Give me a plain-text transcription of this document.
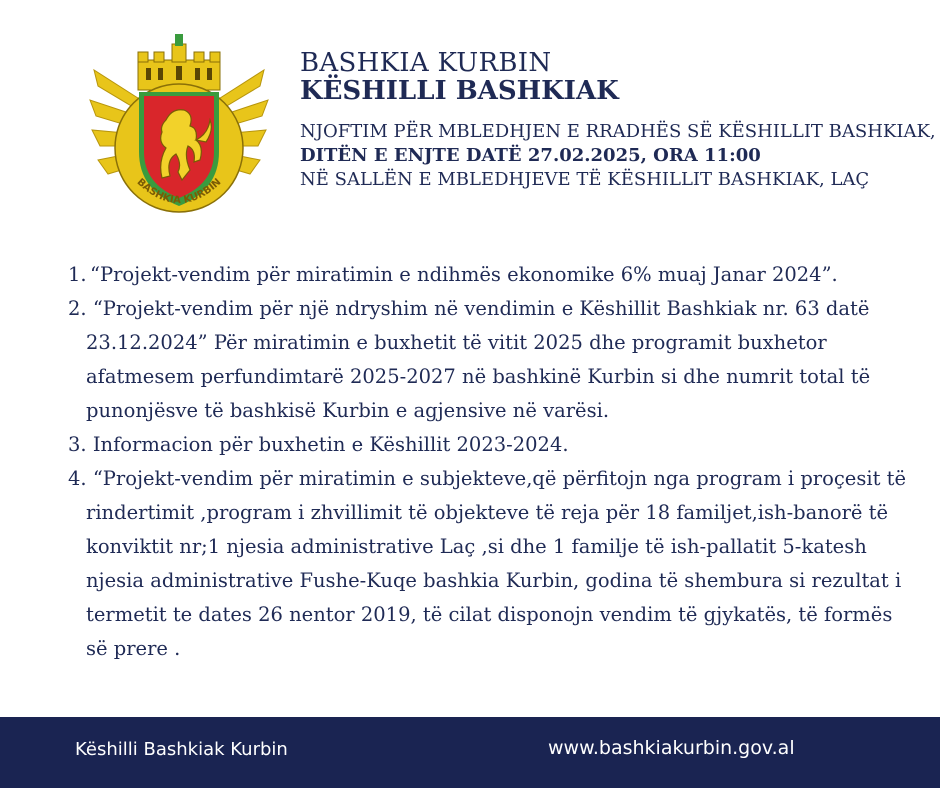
BASHKIA KURBIN
BASHKIA KURBIN
KËSHILLI BASHKIAK
NJOFTIM PËR MBLEDHJEN E RRADHËS SË KËSHILLIT BASHKIAK,
DITËN E ENJTE DATË 27.02.2025, ORA 11:00
NË SALLËN E MBLEDHJEVE TË KËSHILLIT BASHKIAK, LAÇ
1. “Projekt-vendim për miratimin e ndihmës ekonomike 6% muaj Janar 2024”.
2. “Projekt-vendim për një ndryshim në vendimin e Këshillit Bashkiak nr. 63 datë 23.12.2024” Për miratimin e buxhetit të vitit 2025 dhe programit buxhetor afatmesem perfundimtarë 2025-2027 në bashkinë Kurbin si dhe numrit total të punonjësve të bashkisë Kurbin e agjensive në varësi.
3. Informacion për buxhetin e Këshillit 2023-2024.
4. “Projekt-vendim për miratimin e subjekteve,që përfitojn nga program i proçesit të rindertimit ,program i zhvillimit të objekteve të reja për 18 familjet,ish-banorë të konviktit nr;1 njesia administrative Laç ,si dhe 1 familje të ish-pallatit 5-katesh njesia administrative Fushe-Kuqe bashkia Kurbin, godina të shembura si rezultat i termetit te dates 26 nentor 2019, të cilat disponojn vendim të gjykatës, të formës së prere .
Këshilli Bashkiak Kurbin	www.bashkiakurbin.gov.al
